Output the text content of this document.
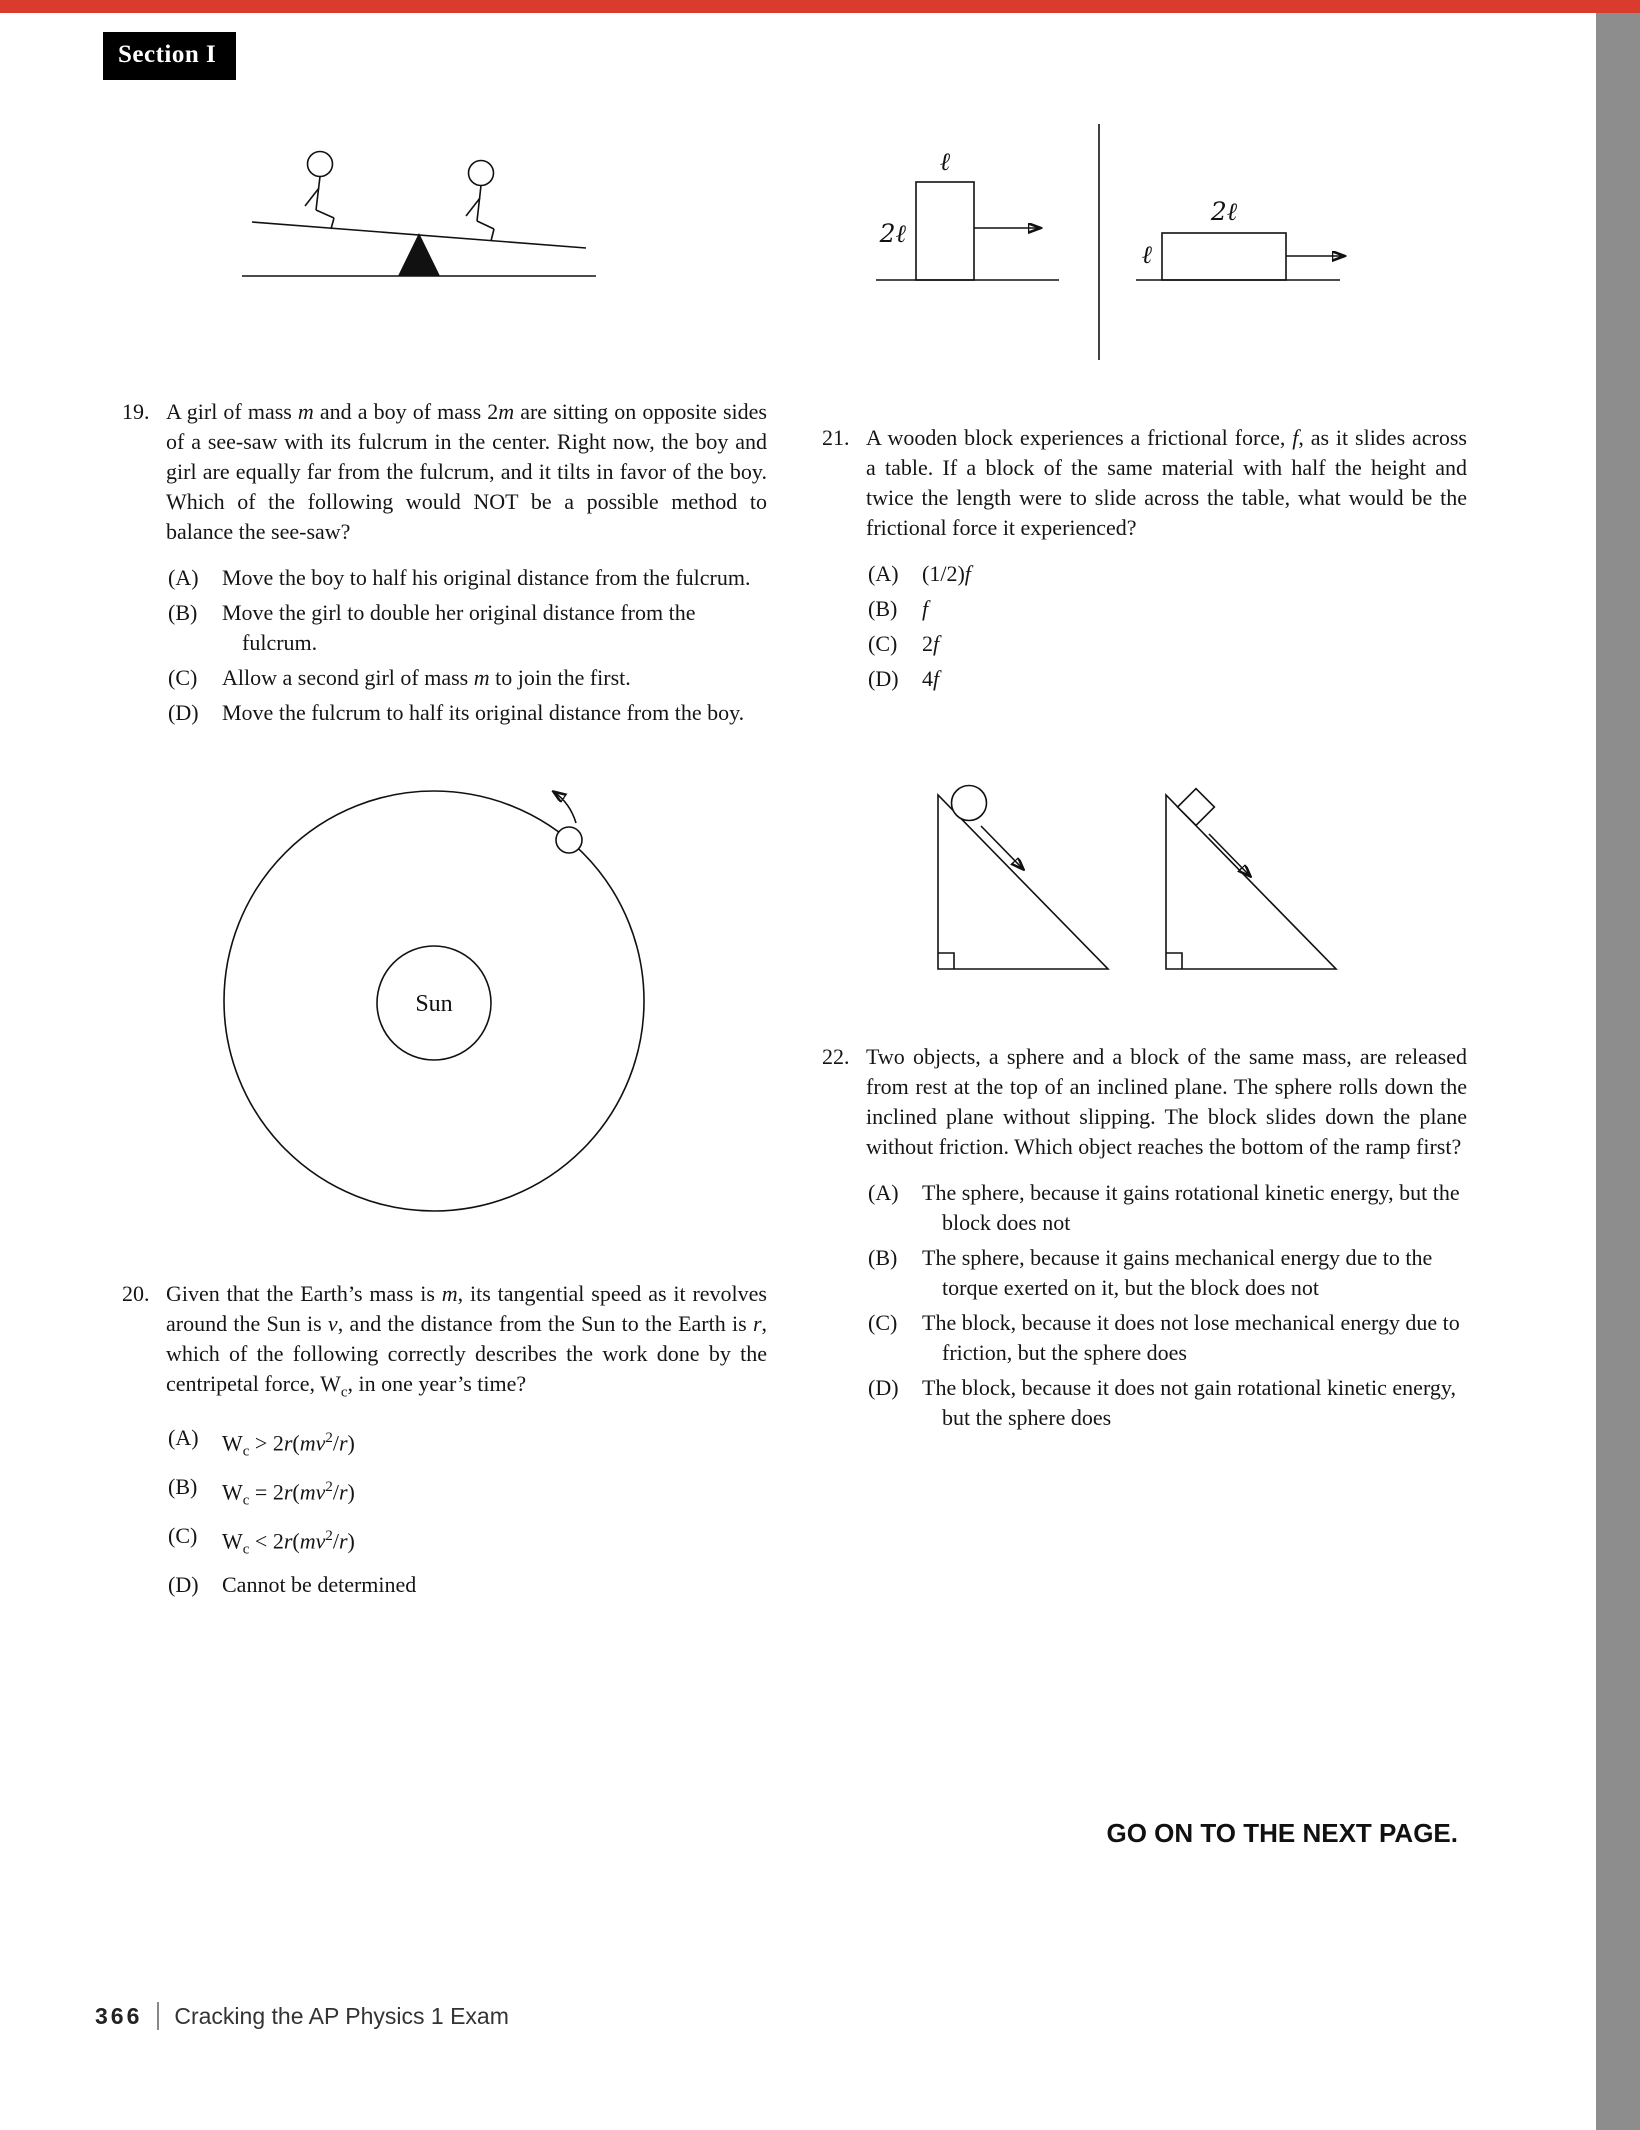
Section I
19. A girl of mass m and a boy of mass 2m are sitting on opposite sides of a see-saw with its fulcrum in the center. Right now, the boy and girl are equally far from the fulcrum, and it tilts in favor of the boy. Which of the following would NOT be a possible method to balance the see-saw?

(A)	Move the boy to half his original distance from the fulcrum.
(B)	Move the girl to double her original distance from the fulcrum.
(C)	Allow a second girl of mass m to join the first.
(D)	Move the fulcrum to half its original distance from the boy.
Sun
20. Given that the Earth’s mass is m, its tangential speed as it revolves around the Sun is v, and the distance from the Sun to the Earth is r, which of the following correctly describes the work done by the centripetal force, $W_c$, in one year’s time?

(A)	$W_c > 2r(mv^2/r)$
(B)	$W_c = 2r(mv^2/r)$
(C)	$W_c < 2r(mv^2/r)$
(D)	Cannot be determined
ℓ
2ℓ
2ℓ
ℓ
21. A wooden block experiences a frictional force, f, as it slides across a table. If a block of the same material with half the height and twice the length were to slide across the table, what would be the frictional force it experienced?

(A)	(1/2)f
(B)	f
(C)	2f
(D)	4f
22. Two objects, a sphere and a block of the same mass, are released from rest at the top of an inclined plane. The sphere rolls down the inclined plane without slipping. The block slides down the plane without friction. Which object reaches the bottom of the ramp first?

(A)	The sphere, because it gains rotational kinetic energy, but the block does not
(B)	The sphere, because it gains mechanical energy due to the torque exerted on it, but the block does not
(C)	The block, because it does not lose mechanical energy due to friction, but the sphere does
(D)	The block, because it does not gain rotational kinetic energy, but the sphere does
GO ON TO THE NEXT PAGE.
366 Cracking the AP Physics 1 Exam
